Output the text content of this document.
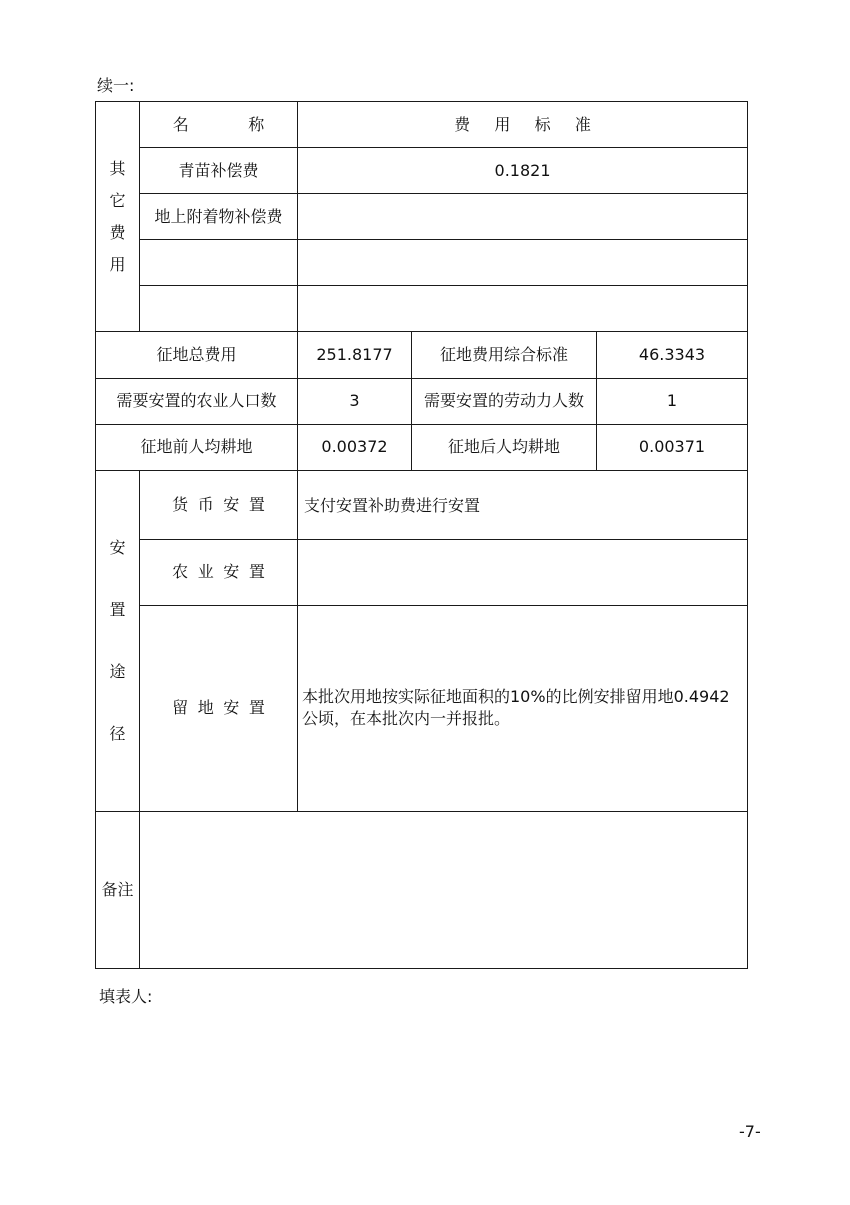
续一:
其它费用	名 称	费 用 标 准		
	青苗补偿费	0.1821		
	地上附着物补偿费			

征地总费用		251.8177	征地费用综合标准	46.3343
需要安置的农业人口数		3	需要安置的劳动力人数	1
征地前人均耕地		0.00372	征地后人均耕地	0.00371
安置途径	货币安置	支付安置补助费进行安置		
	农业安置			
	留地安置	本批次用地按实际征地面积的10%的比例安排留用地0.4942公顷，在本批次内一并报批。		
备注				
填表人:
-7-
